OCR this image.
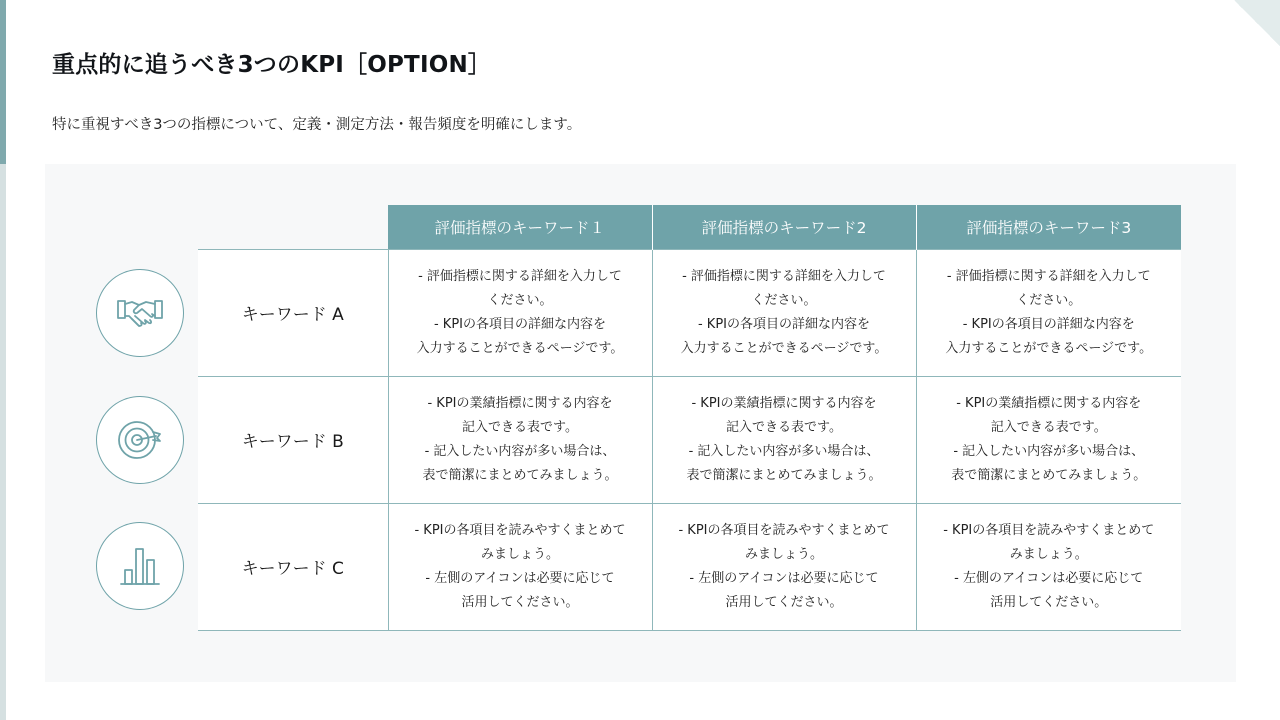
重点的に追うべき3つのKPI［OPTION］

特に重視すべき3つの指標について、定義・測定方法・報告頻度を明確にします。

	評価指標のキーワード１	評価指標のキーワード2	評価指標のキーワード3
キーワード A	- 評価指標に関する詳細を入力して
ください。
- KPIの各項目の詳細な内容を
入力することができるページです。	- 評価指標に関する詳細を入力して
ください。
- KPIの各項目の詳細な内容を
入力することができるページです。	- 評価指標に関する詳細を入力して
ください。
- KPIの各項目の詳細な内容を
入力することができるページです。

キーワード B	- KPIの業績指標に関する内容を
記入できる表です。
- 記入したい内容が多い場合は、
表で簡潔にまとめてみましょう。	- KPIの業績指標に関する内容を
記入できる表です。
- 記入したい内容が多い場合は、
表で簡潔にまとめてみましょう。	- KPIの業績指標に関する内容を
記入できる表です。
- 記入したい内容が多い場合は、
表で簡潔にまとめてみましょう。

キーワード C	- KPIの各項目を読みやすくまとめて
みましょう。
- 左側のアイコンは必要に応じて
活用してください。	- KPIの各項目を読みやすくまとめて
みましょう。
- 左側のアイコンは必要に応じて
活用してください。	- KPIの各項目を読みやすくまとめて
みましょう。
- 左側のアイコンは必要に応じて
活用してください。
